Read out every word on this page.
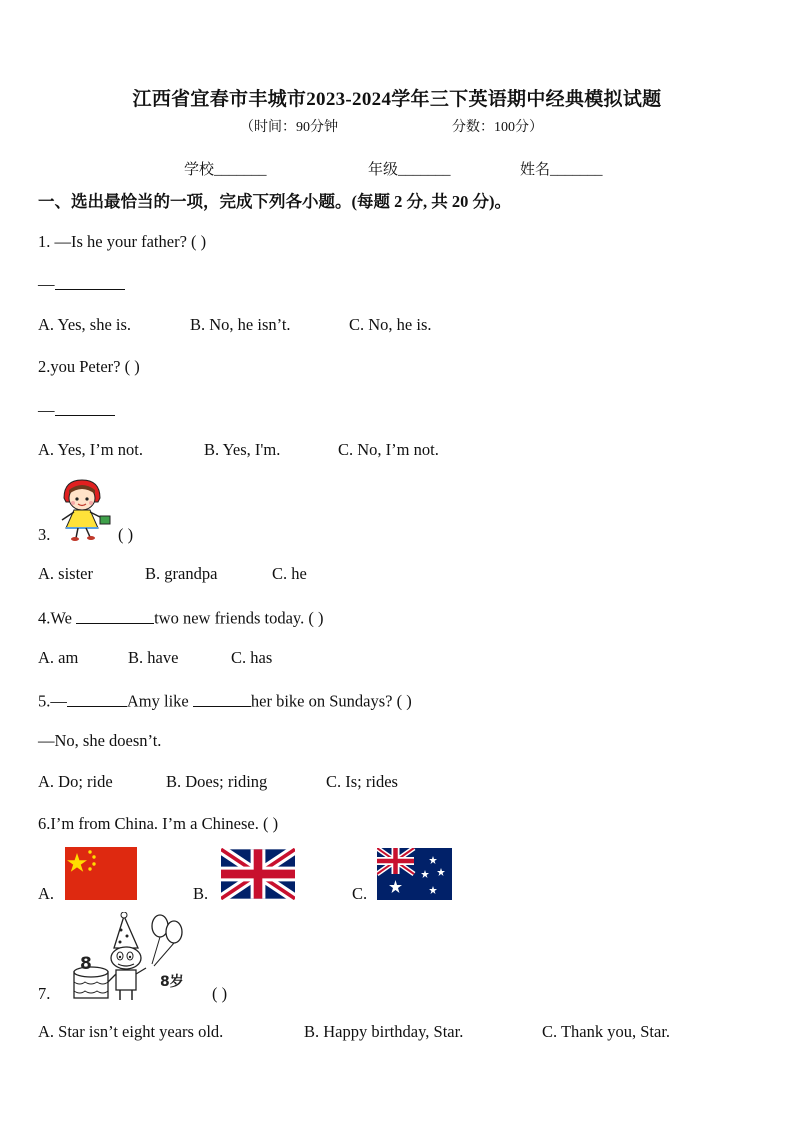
江西省宜春市丰城市2023-2024学年三下英语期中经典模拟试题
（时间：90分钟	分数：100分）
学校_______	年级_______	姓名_______
一、选出最恰当的一项，完成下列各小题。(每题 2 分, 共 20 分)。
1. —Is he your father? ( )
—
A. Yes, she is.	B. No, he isn’t.	C. No, he is.
2.you Peter? ( )
—
A. Yes, I’m not.	B. Yes, I'm.	C. No, I’m not.
3.	( )
A. sister	B. grandpa	C. he
4.We	two new friends today. ( )
A. am	B. have	C. has
5.—	Amy like	her bike on Sundays? ( )
—No, she doesn’t.
A. Do; ride	B. Does; riding	C. Is; rides
6.I’m from China. I’m a Chinese. ( )
A.	B.	C.
7.
8
8岁
( )
A. Star isn’t eight years old.	B. Happy birthday, Star.	C. Thank you, Star.
